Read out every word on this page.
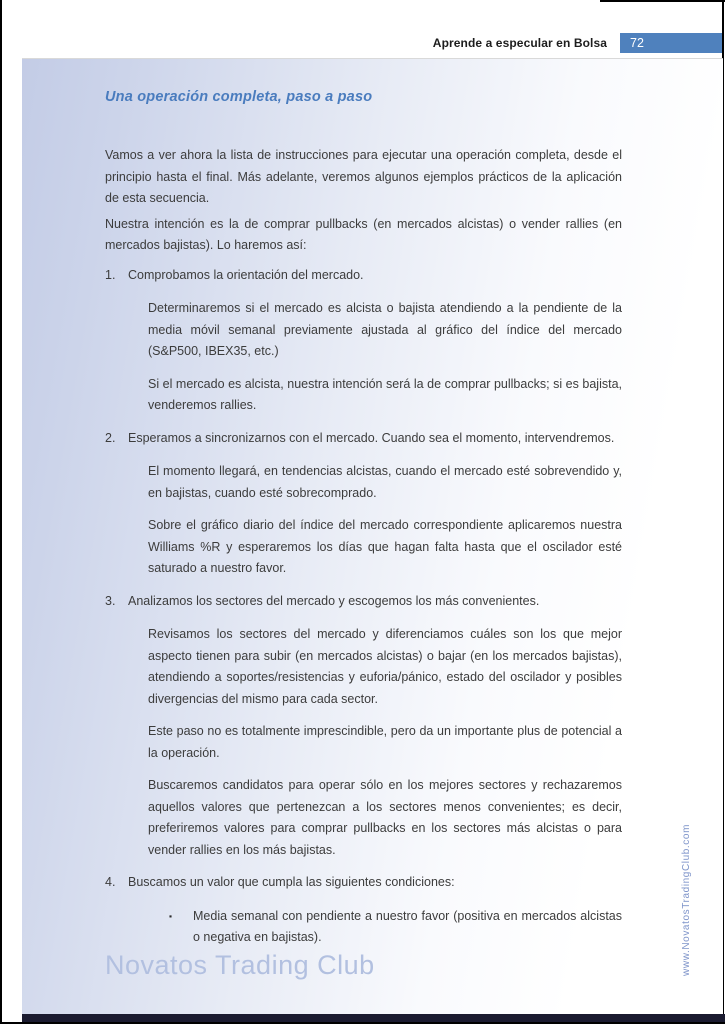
Aprende a especular en Bolsa 72
Una operación completa, paso a paso

Vamos a ver ahora la lista de instrucciones para ejecutar una operación completa, desde el principio hasta el final. Más adelante, veremos algunos ejemplos prácticos de la aplicación de esta secuencia.

Nuestra intención es la de comprar pullbacks (en mercados alcistas) o vender rallies (en mercados bajistas). Lo haremos así:

1.	Comprobamos la orientación del mercado.

Determinaremos si el mercado es alcista o bajista atendiendo a la pendiente de la media móvil semanal previamente ajustada al gráfico del índice del mercado (S&P500, IBEX35, etc.)

Si el mercado es alcista, nuestra intención será la de comprar pullbacks; si es bajista, venderemos rallies.

2.	Esperamos a sincronizarnos con el mercado. Cuando sea el momento, intervendremos.

El momento llegará, en tendencias alcistas, cuando el mercado esté sobrevendido y, en bajistas, cuando esté sobrecomprado.

Sobre el gráfico diario del índice del mercado correspondiente aplicaremos nuestra Williams %R y esperaremos los días que hagan falta hasta que el oscilador esté saturado a nuestro favor.

3.	Analizamos los sectores del mercado y escogemos los más convenientes.

Revisamos los sectores del mercado y diferenciamos cuáles son los que mejor aspecto tienen para subir (en mercados alcistas) o bajar (en los mercados bajistas), atendiendo a soportes/resistencias y euforia/pánico, estado del oscilador y posibles divergencias del mismo para cada sector.

Este paso no es totalmente imprescindible, pero da un importante plus de potencial a la operación.

Buscaremos candidatos para operar sólo en los mejores sectores y rechazaremos aquellos valores que pertenezcan a los sectores menos convenientes; es decir, preferiremos valores para comprar pullbacks en los sectores más alcistas o para vender rallies en los más bajistas.

4.	Buscamos un valor que cumpla las siguientes condiciones:
▪	Media semanal con pendiente a nuestro favor (positiva en mercados alcistas o negativa en bajistas).
Novatos Trading Club	www.NovatosTradingClub.com
